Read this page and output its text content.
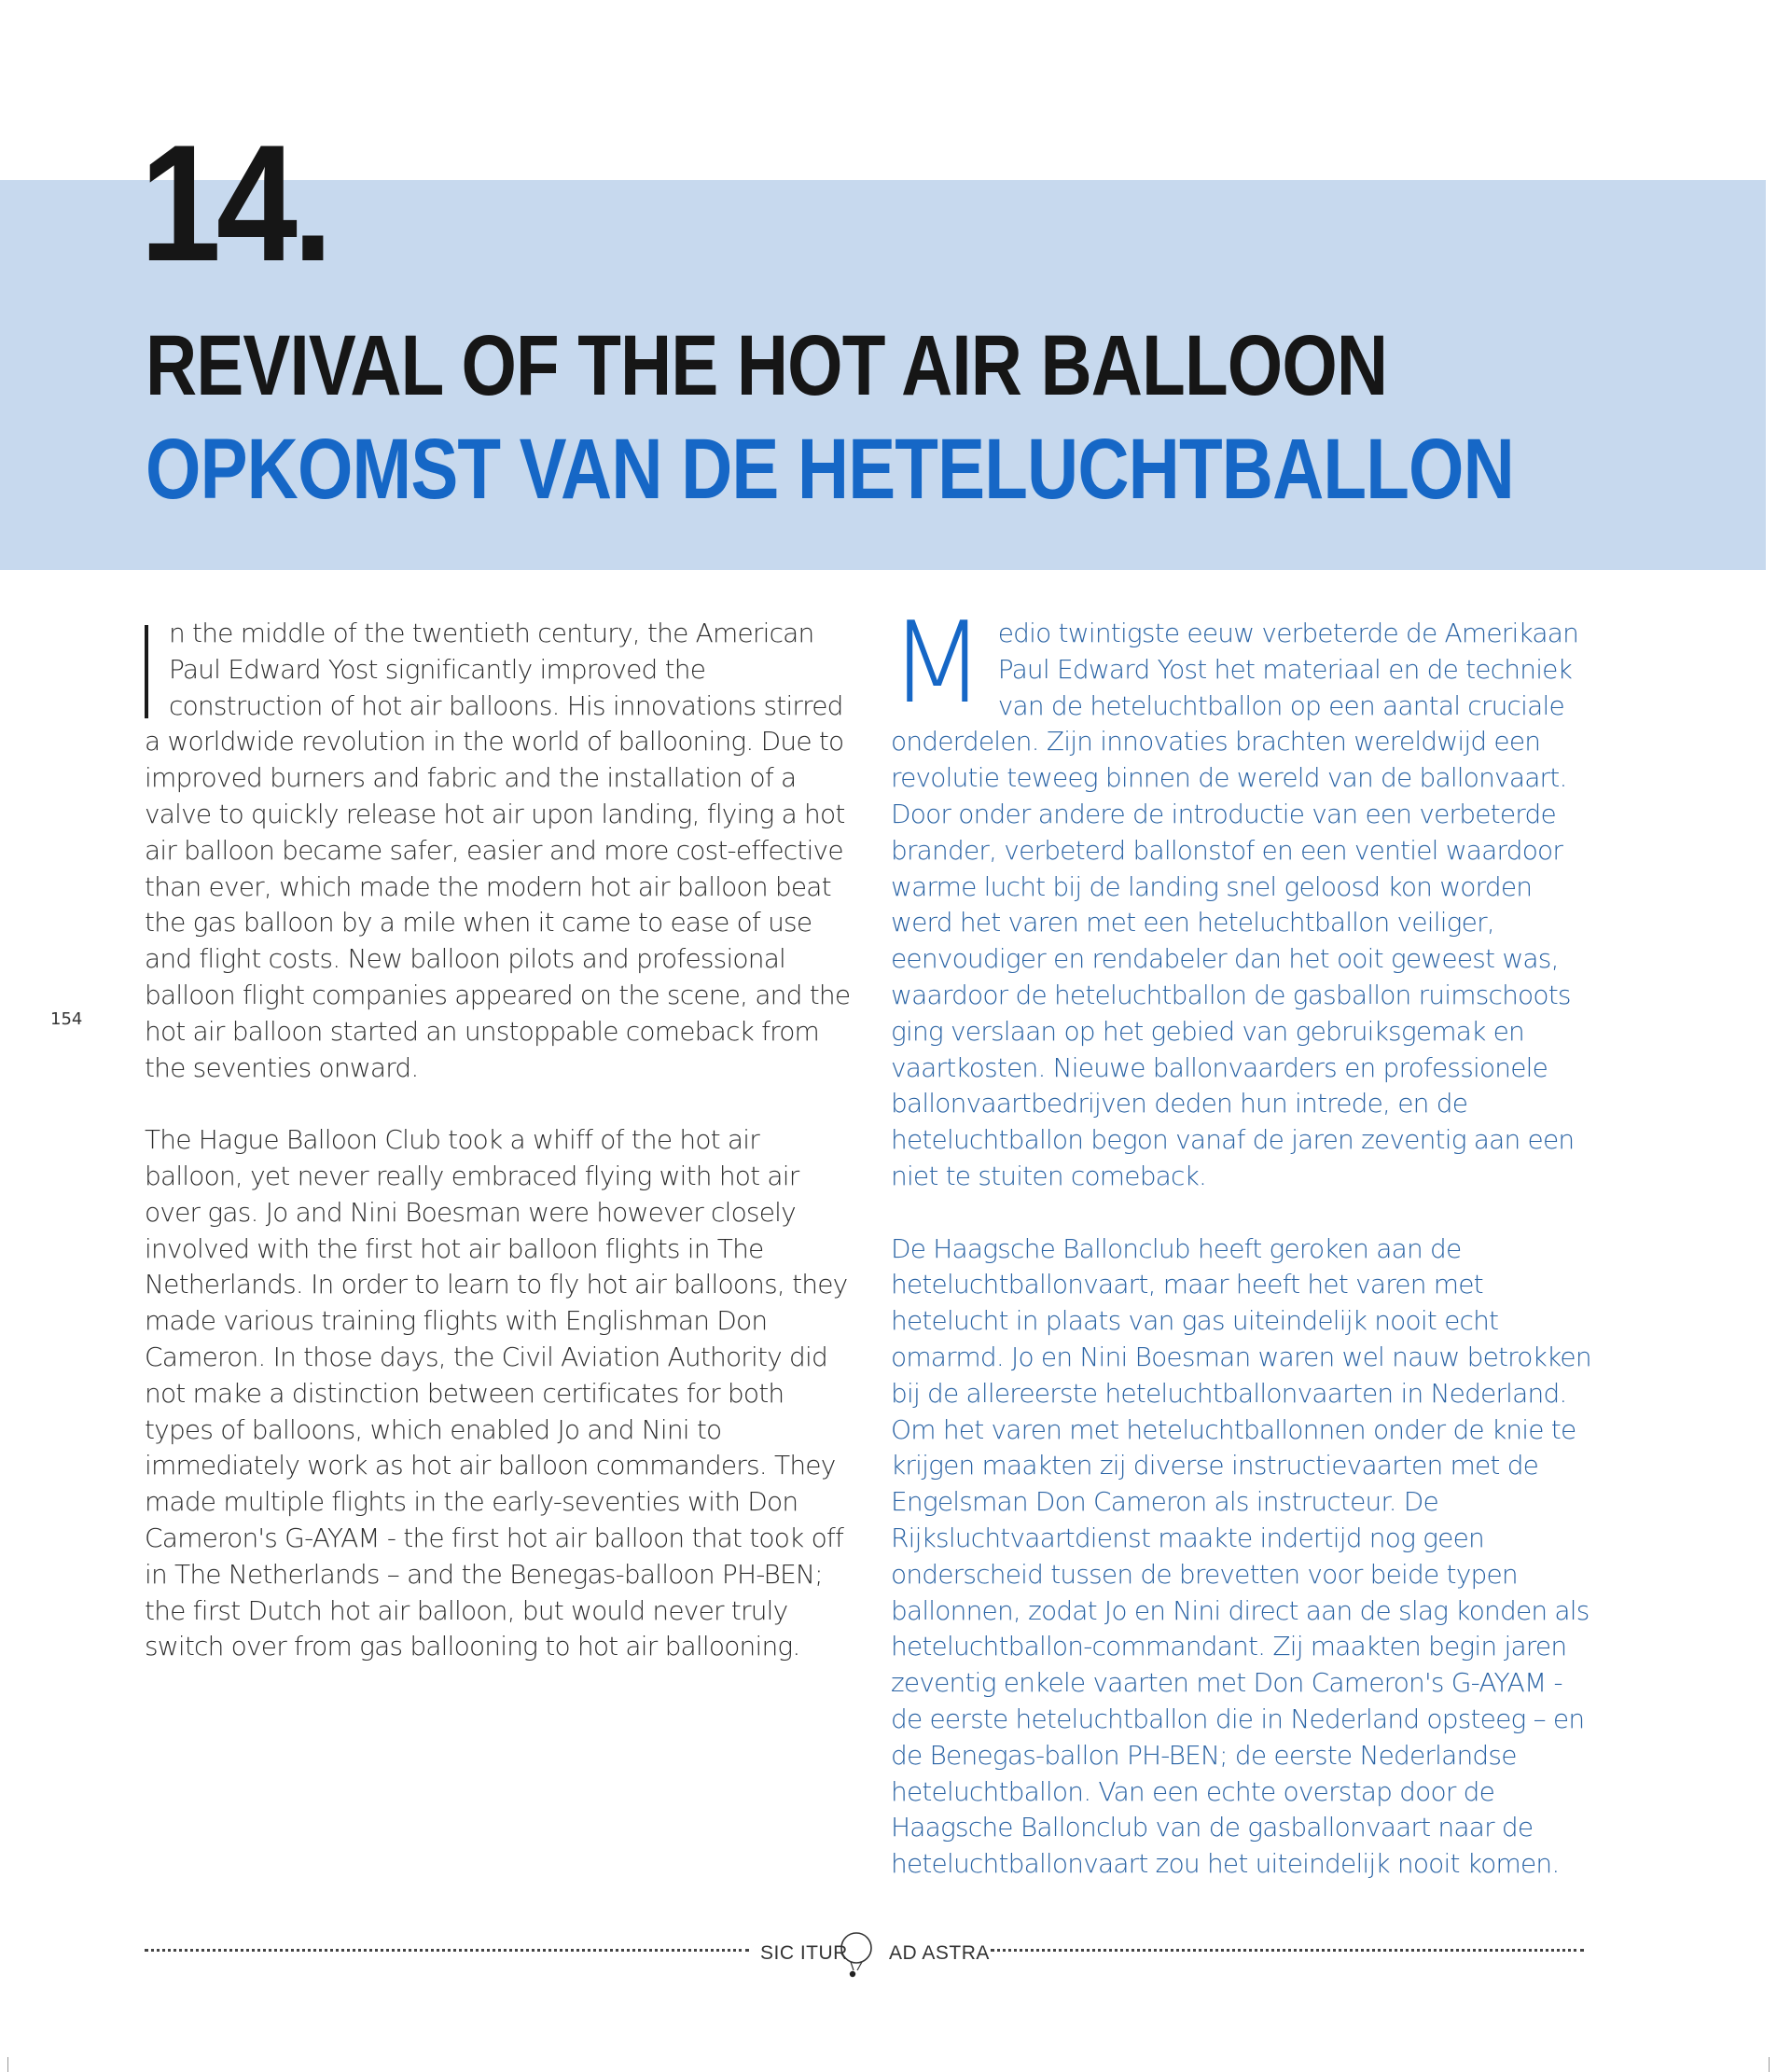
14.
REVIVAL OF THE HOT AIR BALLOON
OPKOMST VAN DE HETELUCHTBALLON

n the middle of the twentieth century, the American Paul Edward Yost significantly improved the construction of hot air balloons. His innovations stirred a worldwide revolution in the world of ballooning. Due to improved burners and fabric and the installation of a valve to quickly release hot air upon landing, flying a hot air balloon became safer, easier and more cost-effective than ever, which made the modern hot air balloon beat the gas balloon by a mile when it came to ease of use and flight costs. New balloon pilots and professional balloon flight companies appeared on the scene, and the hot air balloon started an unstoppable comeback from the seventies onward.

The Hague Balloon Club took a whiff of the hot air balloon, yet never really embraced flying with hot air over gas. Jo and Nini Boesman were however closely involved with the first hot air balloon flights in The Netherlands. In order to learn to fly hot air balloons, they made various training flights with Englishman Don Cameron. In those days, the Civil Aviation Authority did not make a distinction between certificates for both types of balloons, which enabled Jo and Nini to immediately work as hot air balloon commanders. They made multiple flights in the early-seventies with Don Cameron's G-AYAM - the first hot air balloon that took off in The Netherlands – and the Benegas-balloon PH-BEN; the first Dutch hot air balloon, but would never truly switch over from gas ballooning to hot air ballooning.

Medio twintigste eeuw verbeterde de Amerikaan Paul Edward Yost het materiaal en de techniek van de heteluchtballon op een aantal cruciale onderdelen. Zijn innovaties brachten wereldwijd een revolutie teweeg binnen de wereld van de ballonvaart. Door onder andere de introductie van een verbeterde brander, verbeterd ballonstof en een ventiel waardoor warme lucht bij de landing snel geloosd kon worden werd het varen met een heteluchtballon veiliger, eenvoudiger en rendabeler dan het ooit geweest was, waardoor de heteluchtballon de gasballon ruimschoots ging verslaan op het gebied van gebruiksgemak en vaartkosten. Nieuwe ballonvaarders en professionele ballonvaartbedrijven deden hun intrede, en de heteluchtballon begon vanaf de jaren zeventig aan een niet te stuiten comeback.

De Haagsche Ballonclub heeft geroken aan de heteluchtballonvaart, maar heeft het varen met hetelucht in plaats van gas uiteindelijk nooit echt omarmd. Jo en Nini Boesman waren wel nauw betrokken bij de allereerste heteluchtballonvaarten in Nederland. Om het varen met heteluchtballonnen onder de knie te krijgen maakten zij diverse instructievaarten met de Engelsman Don Cameron als instructeur. De Rijksluchtvaartdienst maakte indertijd nog geen onderscheid tussen de brevetten voor beide typen ballonnen, zodat Jo en Nini direct aan de slag konden als heteluchtballon-commandant. Zij maakten begin jaren zeventig enkele vaarten met Don Cameron's G-AYAM - de eerste heteluchtballon die in Nederland opsteeg – en de Benegas-ballon PH-BEN; de eerste Nederlandse heteluchtballon. Van een echte overstap door de Haagsche Ballonclub van de gasballonvaart naar de heteluchtballonvaart zou het uiteindelijk nooit komen.

154
SIC ITUR AD ASTRA
